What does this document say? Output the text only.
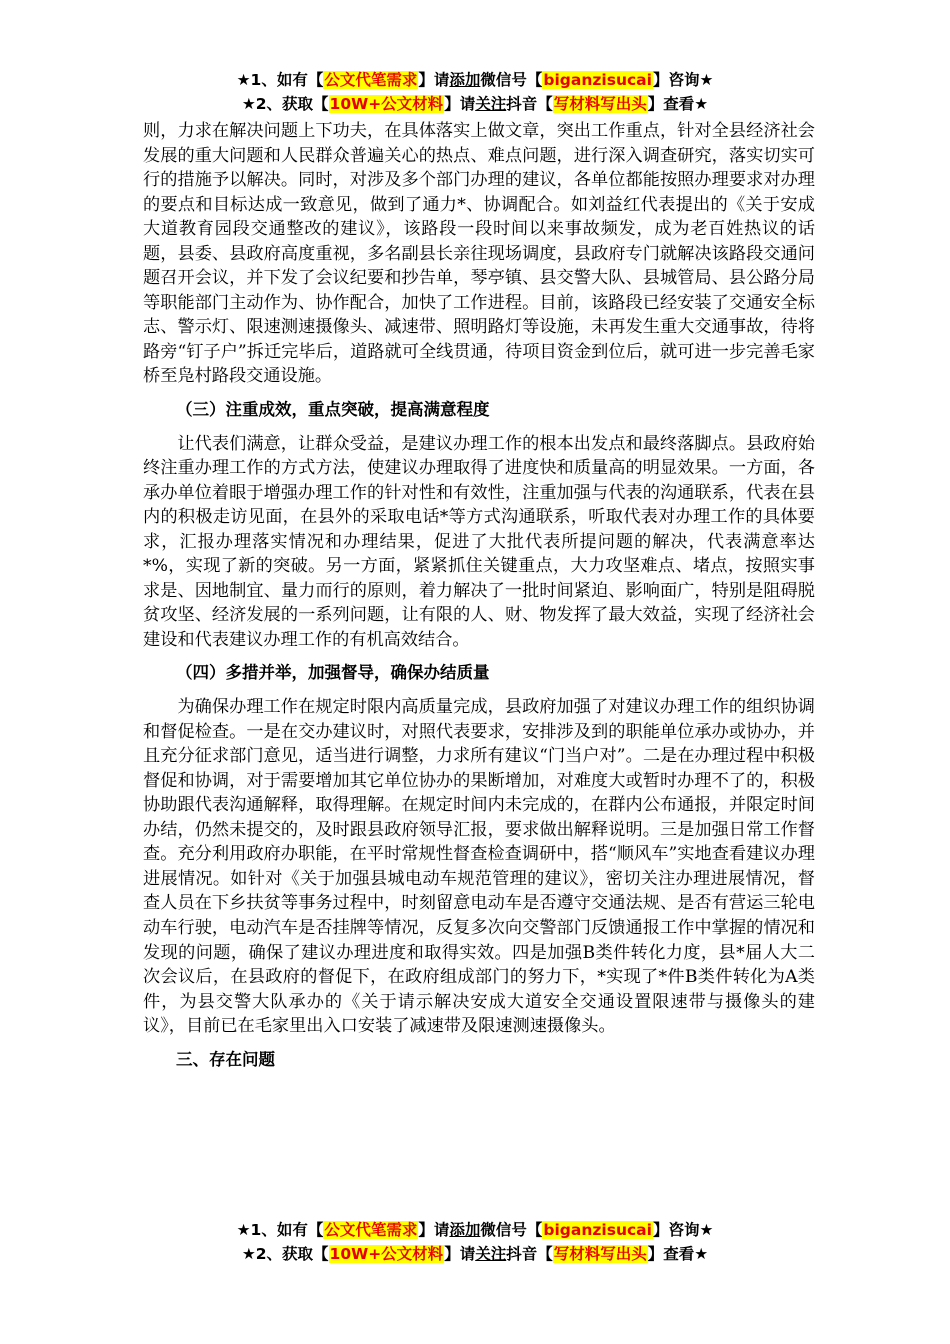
★1、如有【公文代笔需求】请添加微信号【biganzisucai】咨询★
★2、获取【10W+公文材料】请关注抖音【写材料写出头】查看★

则，力求在解决问题上下功夫，在具体落实上做文章，突出工作重点，针对全县经济社会发展的重大问题和人民群众普遍关心的热点、难点问题，进行深入调查研究，落实切实可行的措施予以解决。同时，对涉及多个部门办理的建议，各单位都能按照办理要求对办理的要点和目标达成一致意见，做到了通力*、协调配合。如刘益红代表提出的《关于安成大道教育园段交通整改的建议》，该路段一段时间以来事故频发，成为老百姓热议的话题，县委、县政府高度重视，多名副县长亲往现场调度，县政府专门就解决该路段交通问题召开会议，并下发了会议纪要和抄告单，琴亭镇、县交警大队、县城管局、县公路分局等职能部门主动作为、协作配合，加快了工作进程。目前，该路段已经安装了交通安全标志、警示灯、限速测速摄像头、减速带、照明路灯等设施，未再发生重大交通事故，待将路旁“钉子户”拆迁完毕后，道路就可全线贯通，待项目资金到位后，就可进一步完善毛家桥至凫村路段交通设施。

（三）注重成效，重点突破，提高满意程度

让代表们满意，让群众受益，是建议办理工作的根本出发点和最终落脚点。县政府始终注重办理工作的方式方法，使建议办理取得了进度快和质量高的明显效果。一方面，各承办单位着眼于增强办理工作的针对性和有效性，注重加强与代表的沟通联系，代表在县内的积极走访见面，在县外的采取电话*等方式沟通联系，听取代表对办理工作的具体要求，汇报办理落实情况和办理结果，促进了大批代表所提问题的解决，代表满意率达*%，实现了新的突破。另一方面，紧紧抓住关键重点，大力攻坚难点、堵点，按照实事求是、因地制宜、量力而行的原则，着力解决了一批时间紧迫、影响面广，特别是阻碍脱贫攻坚、经济发展的一系列问题，让有限的人、财、物发挥了最大效益，实现了经济社会建设和代表建议办理工作的有机高效结合。

（四）多措并举，加强督导，确保办结质量

为确保办理工作在规定时限内高质量完成，县政府加强了对建议办理工作的组织协调和督促检查。一是在交办建议时，对照代表要求，安排涉及到的职能单位承办或协办，并且充分征求部门意见，适当进行调整，力求所有建议“门当户对”。二是在办理过程中积极督促和协调，对于需要增加其它单位协办的果断增加，对难度大或暂时办理不了的，积极协助跟代表沟通解释，取得理解。在规定时间内未完成的，在群内公布通报，并限定时间办结，仍然未提交的，及时跟县政府领导汇报，要求做出解释说明。三是加强日常工作督查。充分利用政府办职能，在平时常规性督查检查调研中，搭“顺风车”实地查看建议办理进展情况。如针对《关于加强县城电动车规范管理的建议》，密切关注办理进展情况，督查人员在下乡扶贫等事务过程中，时刻留意电动车是否遵守交通法规、是否有营运三轮电动车行驶，电动汽车是否挂牌等情况，反复多次向交警部门反馈通报工作中掌握的情况和发现的问题，确保了建议办理进度和取得实效。四是加强B类件转化力度，县*届人大二次会议后，在县政府的督促下，在政府组成部门的努力下，*实现了*件B类件转化为A类件，为县交警大队承办的《关于请示解决安成大道安全交通设置限速带与摄像头的建议》，目前已在毛家里出入口安装了减速带及限速测速摄像头。

三、存在问题

★1、如有【公文代笔需求】请添加微信号【biganzisucai】咨询★
★2、获取【10W+公文材料】请关注抖音【写材料写出头】查看★
